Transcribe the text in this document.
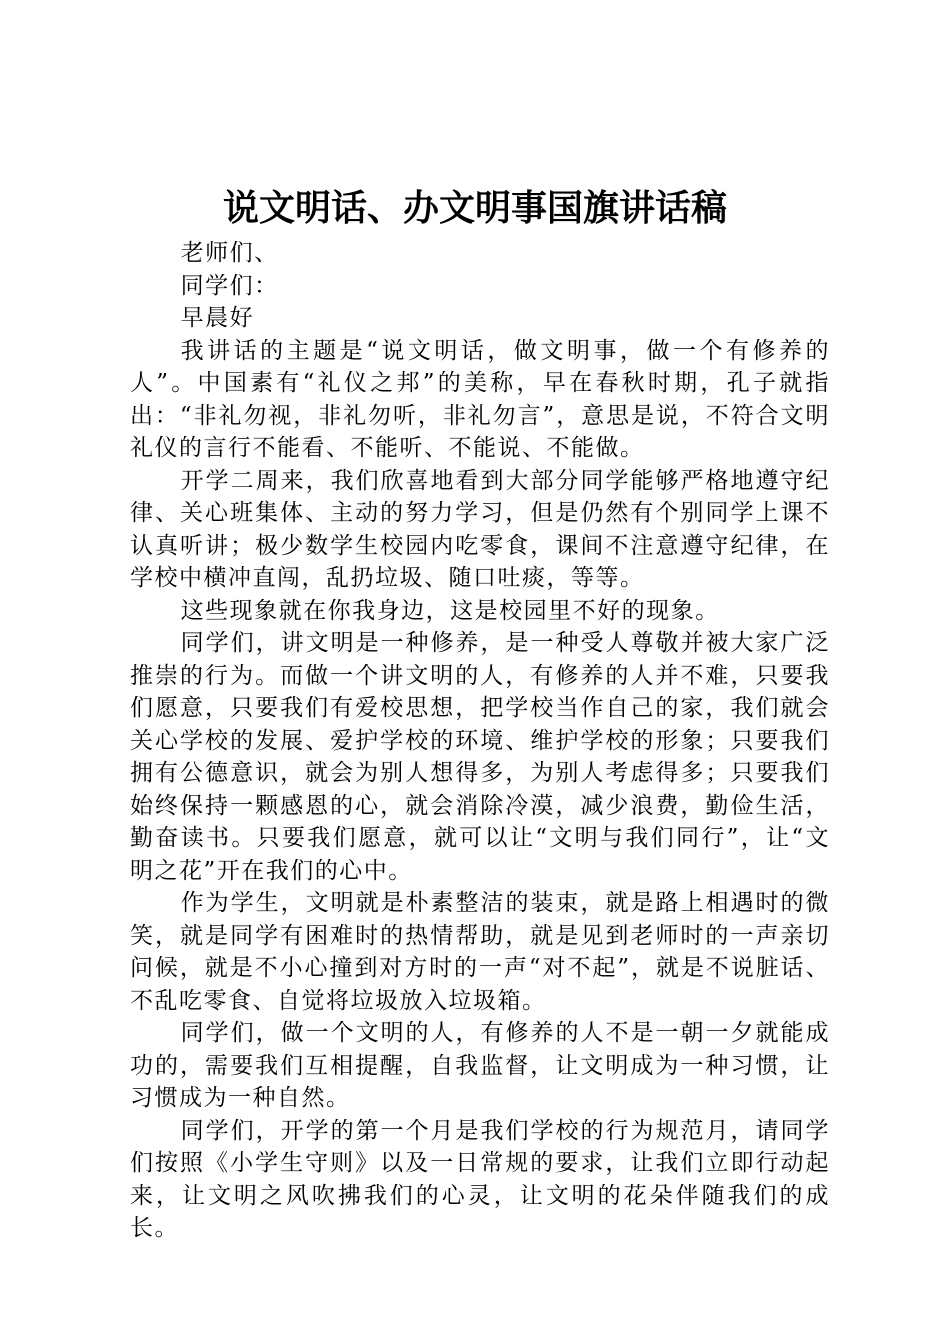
说文明话、办文明事国旗讲话稿

老师们、

同学们：

早晨好

我讲话的主题是“说文明话，做文明事，做一个有修养的人”。中国素有“礼仪之邦”的美称，早在春秋时期，孔子就指出：“非礼勿视，非礼勿听，非礼勿言”，意思是说，不符合文明礼仪的言行不能看、不能听、不能说、不能做。

开学二周来，我们欣喜地看到大部分同学能够严格地遵守纪律、关心班集体、主动的努力学习，但是仍然有个别同学上课不认真听讲；极少数学生校园内吃零食，课间不注意遵守纪律，在学校中横冲直闯，乱扔垃圾、随口吐痰，等等。

这些现象就在你我身边，这是校园里不好的现象。

同学们，讲文明是一种修养，是一种受人尊敬并被大家广泛推崇的行为。而做一个讲文明的人，有修养的人并不难，只要我们愿意，只要我们有爱校思想，把学校当作自己的家，我们就会关心学校的发展、爱护学校的环境、维护学校的形象；只要我们拥有公德意识，就会为别人想得多，为别人考虑得多；只要我们始终保持一颗感恩的心，就会消除冷漠，减少浪费，勤俭生活，勤奋读书。只要我们愿意，就可以让“文明与我们同行”，让“文明之花”开在我们的心中。

作为学生，文明就是朴素整洁的装束，就是路上相遇时的微笑，就是同学有困难时的热情帮助，就是见到老师时的一声亲切问候，就是不小心撞到对方时的一声“对不起”，就是不说脏话、不乱吃零食、自觉将垃圾放入垃圾箱。

同学们，做一个文明的人，有修养的人不是一朝一夕就能成功的，需要我们互相提醒，自我监督，让文明成为一种习惯，让习惯成为一种自然。

同学们，开学的第一个月是我们学校的行为规范月，请同学们按照《小学生守则》以及一日常规的要求，让我们立即行动起来，让文明之风吹拂我们的心灵，让文明的花朵伴随我们的成长。
